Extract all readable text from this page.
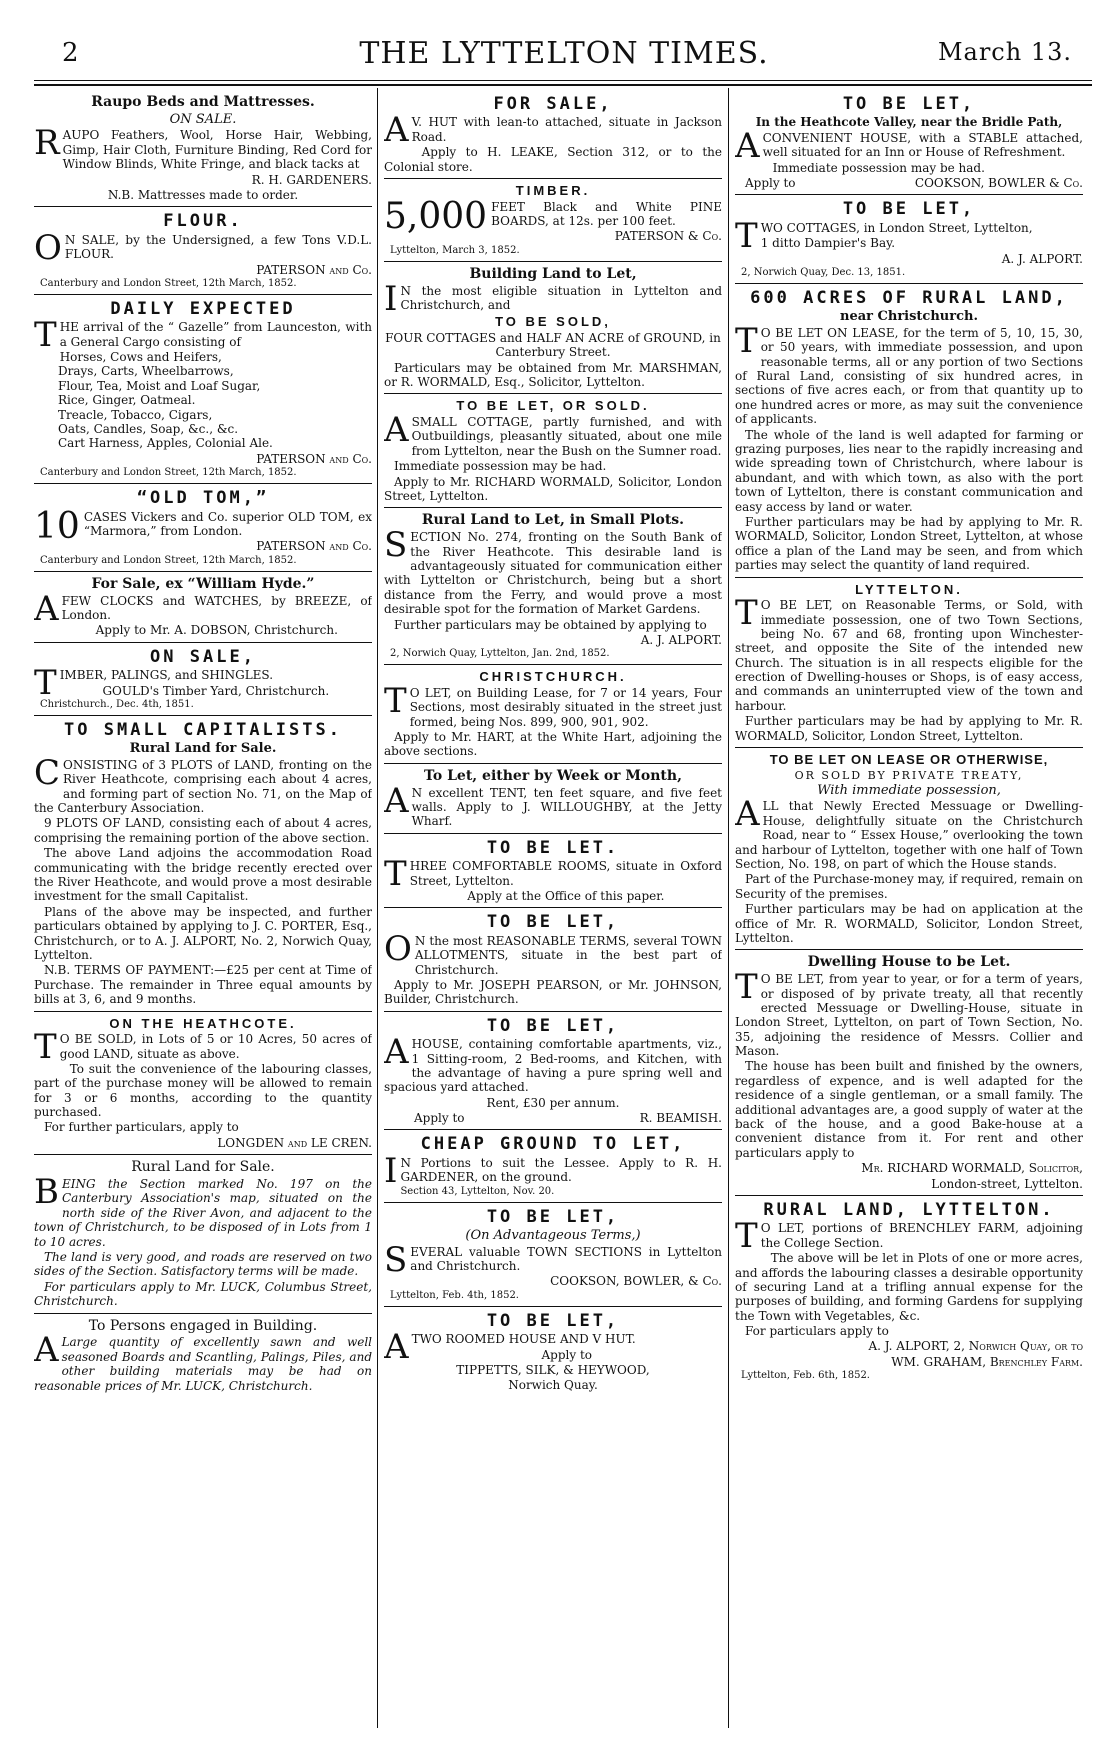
2	THE LYTTELTON TIMES.	March 13.
Raupo Beds and Mattresses.
ON SALE.

RAUPO Feathers, Wool, Horse Hair, Webbing, Gimp, Hair Cloth, Furniture Binding, Red Cord for Window Blinds, White Fringe, and black tacks at

R. H. GARDENERS.

N.B. Mattresses made to order.

FLOUR.

O N SALE, by the Undersigned, a few Tons V.D.L. FLOUR.

PATERSON and Co.

Canterbury and London Street, 12th March, 1852.
DAILY EXPECTED

THE arrival of the “ Gazelle” from Launceston, with a General Cargo consisting of

Horses, Cows and Heifers,
Drays, Carts, Wheelbarrows,
Flour, Tea, Moist and Loaf Sugar,
Rice, Ginger, Oatmeal.
Treacle, Tobacco, Cigars,
Oats, Candles, Soap, &c., &c.
Cart Harness, Apples, Colonial Ale.

PATERSON and Co.

Canterbury and London Street, 12th March, 1852.
“OLD TOM,”

10 CASES Vickers and Co. superior OLD TOM, ex “Marmora,” from London.

PATERSON and Co.

Canterbury and London Street, 12th March, 1852.
For Sale, ex “William Hyde.”

AFEW CLOCKS and WATCHES, by BREEZE, of London.

Apply to Mr. A. DOBSON, Christchurch.

ON SALE,

TIMBER, PALINGS, and SHINGLES.

GOULD's Timber Yard, Christchurch.

Christchurch., Dec. 4th, 1851.
TO SMALL CAPITALISTS.
Rural Land for Sale.

CONSISTING of 3 PLOTS of LAND, fronting on the River Heathcote, comprising each about 4 acres, and forming part of section No. 71, on the Map of the Canterbury Association.

9 PLOTS OF LAND, consisting each of about 4 acres, comprising the remaining portion of the above section.

The above Land adjoins the accommodation Road communicating with the bridge recently erected over the River Heathcote, and would prove a most desirable investment for the small Capitalist.

Plans of the above may be inspected, and further particulars obtained by applying to J. C. PORTER, Esq., Christchurch, or to A. J. ALPORT, No. 2, Norwich Quay, Lyttelton.

N.B. TERMS OF PAYMENT:—£25 per cent at Time of Purchase. The remainder in Three equal amounts by bills at 3, 6, and 9 months.

ON THE HEATHCOTE.

T O BE SOLD, in Lots of 5 or 10 Acres, 50 acres of good LAND, situate as above.

To suit the convenience of the labouring classes, part of the purchase money will be allowed to remain for 3 or 6 months, according to the quantity purchased.

For further particulars, apply to

LONGDEN and LE CREN.

Rural Land for Sale.

BEING the Section marked No. 197 on the Canterbury Association's map, situated on the north side of the River Avon, and adjacent to the town of Christchurch, to be disposed of in Lots from 1 to 10 acres.

The land is very good, and roads are reserved on two sides of the Section. Satisfactory terms will be made.

For particulars apply to Mr. LUCK, Columbus Street, Christchurch.

To Persons engaged in Building.

A Large quantity of excellently sawn and well seasoned Boards and Scantling, Palings, Piles, and other building materials may be had on reasonable prices of Mr. LUCK, Christchurch.

FOR SALE,

A V. HUT with lean-to attached, situate in Jackson Road.

Apply to H. LEAKE, Section 312, or to the Colonial store.

TIMBER.

5,000 FEET Black and White PINE BOARDS, at 12s. per 100 feet.

PATERSON & Co.

Lyttelton, March 3, 1852.
Building Land to Let,

I N the most eligible situation in Lyttelton and Christchurch, and

TO BE SOLD,

FOUR COTTAGES and HALF AN ACRE of GROUND, in Canterbury Street.

Particulars may be obtained from Mr. MARSHMAN, or R. WORMALD, Esq., Solicitor, Lyttelton.

TO BE LET, OR SOLD.

ASMALL COTTAGE, partly furnished, and with Outbuildings, pleasantly situated, about one mile from Lyttelton, near the Bush on the Sumner road.

Immediate possession may be had.

Apply to Mr. RICHARD WORMALD, Solicitor, London Street, Lyttelton.

Rural Land to Let, in Small Plots.

SECTION No. 274, fronting on the South Bank of the River Heathcote. This desirable land is advantageously situated for communication either with Lyttelton or Christchurch, being but a short distance from the Ferry, and would prove a most desirable spot for the formation of Market Gardens.

Further particulars may be obtained by applying to

A. J. ALPORT.

2, Norwich Quay, Lyttelton, Jan. 2nd, 1852.
CHRISTCHURCH.

T O LET, on Building Lease, for 7 or 14 years, Four Sections, most desirably situated in the street just formed, being Nos. 899, 900, 901, 902.

Apply to Mr. HART, at the White Hart, adjoining the above sections.

To Let, either by Week or Month,

A N excellent TENT, ten feet square, and five feet walls. Apply to J. WILLOUGHBY, at the Jetty Wharf.

TO BE LET.

THREE COMFORTABLE ROOMS, situate in Oxford Street, Lyttelton.

Apply at the Office of this paper.

TO BE LET,

O N the most REASONABLE TERMS, several TOWN ALLOTMENTS, situate in the best part of Christchurch.

Apply to Mr. JOSEPH PEARSON, or Mr. JOHNSON, Builder, Christchurch.

TO BE LET,

AHOUSE, containing comfortable apartments, viz., 1 Sitting-room, 2 Bed-rooms, and Kitchen, with the advantage of having a pure spring well and spacious yard attached.

Rent, £30 per annum.

Apply to	R. BEAMISH.

CHEAP GROUND TO LET,

I N Portions to suit the Lessee. Apply to R. H. GARDENER, on the ground.

Section 43, Lyttelton, Nov. 20.
TO BE LET,
(On Advantageous Terms,)

SEVERAL valuable TOWN SECTIONS in Lyttelton and Christchurch.

COOKSON, BOWLER, & Co.

Lyttelton, Feb. 4th, 1852.
TO BE LET,

ATWO ROOMED HOUSE AND V HUT.

Apply to

TIPPETTS, SILK, & HEYWOOD,

Norwich Quay.

TO BE LET,
In the Heathcote Valley, near the Bridle Path,

ACONVENIENT HOUSE, with a STABLE attached, well situated for an Inn or House of Refreshment.

Immediate possession may be had.

Apply to	COOKSON, BOWLER & Co.

TO BE LET,

TWO COTTAGES, in London Street, Lyttelton,

1 ditto Dampier's Bay.

A. J. ALPORT.

2, Norwich Quay, Dec. 13, 1851.
600 ACRES OF RURAL LAND,
near Christchurch.

T O BE LET ON LEASE, for the term of 5, 10, 15, 30, or 50 years, with immediate possession, and upon reasonable terms, all or any portion of two Sections of Rural Land, consisting of six hundred acres, in sections of five acres each, or from that quantity up to one hundred acres or more, as may suit the convenience of applicants.

The whole of the land is well adapted for farming or grazing purposes, lies near to the rapidly increasing and wide spreading town of Christchurch, where labour is abundant, and with which town, as also with the port town of Lyttelton, there is constant communication and easy access by land or water.

Further particulars may be had by applying to Mr. R. WORMALD, Solicitor, London Street, Lyttelton, at whose office a plan of the Land may be seen, and from which parties may select the quantity of land required.

LYTTELTON.

T O BE LET, on Reasonable Terms, or Sold, with immediate possession, one of two Town Sections, being No. 67 and 68, fronting upon Winchester-street, and opposite the Site of the intended new Church. The situation is in all respects eligible for the erection of Dwelling-houses or Shops, is of easy access, and commands an uninterrupted view of the town and harbour.

Further particulars may be had by applying to Mr. R. WORMALD, Solicitor, London Street, Lyttelton.

TO BE LET ON LEASE OR OTHERWISE,
OR SOLD BY PRIVATE TREATY,
With immediate possession,

ALL that Newly Erected Messuage or Dwelling-House, delightfully situate on the Christchurch Road, near to “ Essex House,” overlooking the town and harbour of Lyttelton, together with one half of Town Section, No. 198, on part of which the House stands.

Part of the Purchase-money may, if required, remain on Security of the premises.

Further particulars may be had on application at the office of Mr. R. WORMALD, Solicitor, London Street, Lyttelton.

Dwelling House to be Let.

T O BE LET, from year to year, or for a term of years, or disposed of by private treaty, all that recently erected Messuage or Dwelling-House, situate in London Street, Lyttelton, on part of Town Section, No. 35, adjoining the residence of Messrs. Collier and Mason.

The house has been built and finished by the owners, regardless of expence, and is well adapted for the residence of a single gentleman, or a small family. The additional advantages are, a good supply of water at the back of the house, and a good Bake-house at a convenient distance from it. For rent and other particulars apply to

Mr. RICHARD WORMALD, Solicitor,

London-street, Lyttelton.

RURAL LAND, LYTTELTON.

T O LET, portions of BRENCHLEY FARM, adjoining the College Section.

The above will be let in Plots of one or more acres, and affords the labouring classes a desirable opportunity of securing Land at a trifling annual expense for the purposes of building, and forming Gardens for supplying the Town with Vegetables, &c.

For particulars apply to

A. J. ALPORT, 2, Norwich Quay, or to

WM. GRAHAM, Brenchley Farm.

Lyttelton, Feb. 6th, 1852.
